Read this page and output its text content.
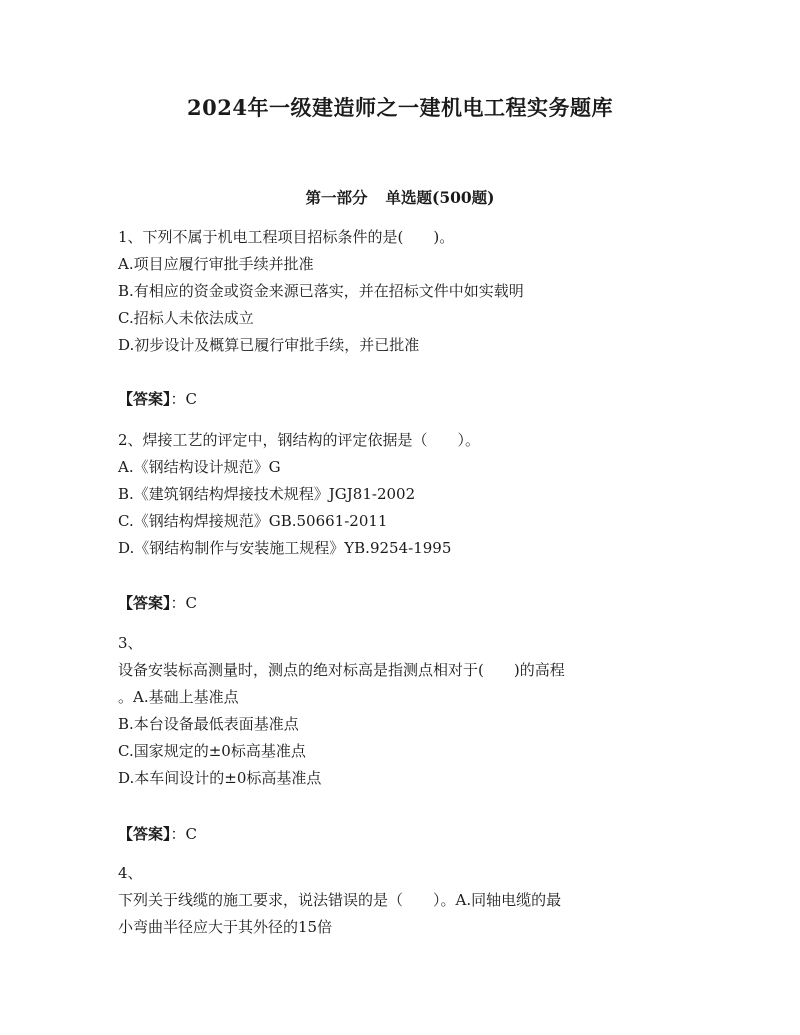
2024年一级建造师之一建机电工程实务题库
第一部分 单选题(500题)
1、下列不属于机电工程项目招标条件的是(　　)。
A.项目应履行审批手续并批准
B.有相应的资金或资金来源已落实，并在招标文件中如实载明
C.招标人未依法成立
D.初步设计及概算已履行审批手续，并已批准
【答案】：C
2、焊接工艺的评定中，钢结构的评定依据是（　　）。
A.《钢结构设计规范》G
B.《建筑钢结构焊接技术规程》JGJ81-2002
C.《钢结构焊接规范》GB.50661-2011
D.《钢结构制作与安装施工规程》YB.9254-1995
【答案】：C
3、
设备安装标高测量时，测点的绝对标高是指测点相对于(　　)的高程
。A.基础上基准点
B.本台设备最低表面基准点
C.国家规定的±0标高基准点
D.本车间设计的±0标高基准点
【答案】：C
4、
下列关于线缆的施工要求，说法错误的是（　　）。A.同轴电缆的最
小弯曲半径应大于其外径的15倍
